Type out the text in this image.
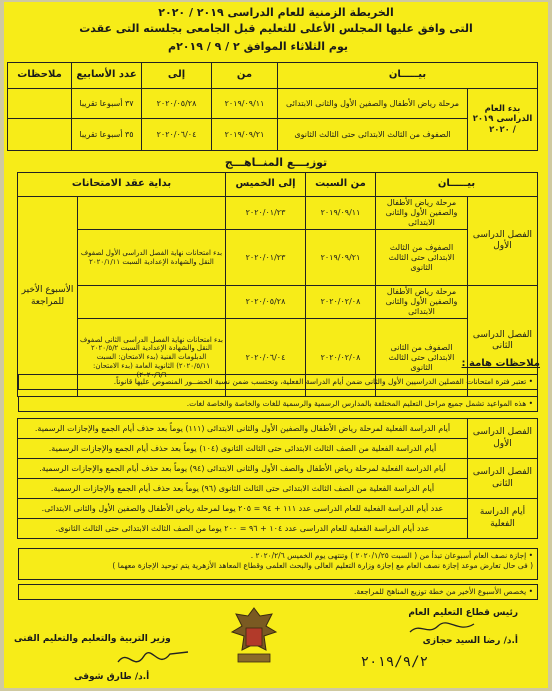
الخريطة الزمنية للعام الدراسى ٢٠١٩ / ٢٠٢٠
التى وافق عليها المجلس الأعلى للتعليم قبل الجامعى بجلسته التى عقدت
يوم الثلاثاء الموافق ٢ / ٩ / ٢٠١٩م
بيـــــان		من	إلى	عدد الأسابيع	ملاحظات
بدء العام الدراسى ٢٠١٩ / ٢٠٢٠	مرحلة رياض الأطفال والصفين الأول والثانى الابتدائى	٢٠١٩/٠٩/١١	٢٠٢٠/٠٥/٢٨	٣٧ أسبوعا تقريبا	
	الصفوف من الثالث الابتدائى حتى الثالث الثانوى	٢٠١٩/٠٩/٢١	٢٠٢٠/٠٦/٠٤	٣٥ أسبوعا تقريبا	
توزيـــع المنــاهـــج
بيـــــان		من السبت	إلى الخميس	بداية عقد الامتحانات	
الفصل الدراسى الأول	مرحلة رياض الأطفال والصفين الأول والثانى الابتدائى	٢٠١٩/٠٩/١١	٢٠٢٠/٠١/٢٣		الأسبوع الأخير للمراجعة
	الصفوف من الثالث الابتدائى حتى الثالث الثانوى	٢٠١٩/٠٩/٢١	٢٠٢٠/٠١/٢٣	بدء امتحانات نهاية الفصل الدراسى الأول لصفوف النقل والشهادة الإعدادية السبت ٢٠٢٠/١/١١	
الفصل الدراسى الثانى	مرحلة رياض الأطفال والصفين الأول والثانى الابتدائى	٢٠٢٠/٠٢/٠٨	٢٠٢٠/٠٥/٢٨		
	الصفوف من الثانى الابتدائى حتى الثالث الثانوى	٢٠٢٠/٠٢/٠٨	٢٠٢٠/٠٦/٠٤	بدء امتحانات نهاية الفصل الدراسى الثانى لصفوف النقل والشهادة الإعدادية السبت ٢٠٢٠/٥/٢ الدبلومات الفنية (بدء الامتحان: السبت ٢٠٢٠/٥/١١) الثانوية العامة (بدء الامتحان: ٢٠٢٠/٦/٦)	
ملاحظات هامة :
• تعتبر فترة امتحانات الفصلين الدراسيين الأول والثانى ضمن أيام الدراسة الفعلية، وتحتسب ضمن نسبة الحضــور المنصوص عليها قانوناً.
• هذه المواعيد تشمل جميع مراحل التعليم المختلفة بالمدارس الرسمية والرسمية للغات والخاصة والخاصة لغات.
الفصل الدراسى الأول	أيام الدراسة الفعلية لمرحلة رياض الأطفال والصفين الأول والثانى الابتدائى (١١١) يوماً بعد حذف أيام الجمع والإجازات الرسمية.
	أيام الدراسة الفعلية من الصف الثالث الابتدائى حتى الثالث الثانوى (١٠٤) يوماً بعد حذف أيام الجمع والإجازات الرسمية.
الفصل الدراسى الثانى	أيام الدراسة الفعلية لمرحلة رياض الأطفال والصف الأول والثانى الابتدائى (٩٤) يوماً بعد حذف أيام الجمع والإجازات الرسمية.
	أيام الدراسة الفعلية من الصف الثالث الابتدائى حتى الثالث الثانوى (٩٦) يوماً بعد حذف أيام الجمع والإجازات الرسمية.
أيام الدراسة الفعلية	عدد أيام الدراسة الفعلية للعام الدراسى عدد ١١١ + ٩٤ = ٢٠٥ يوما لمرحلة رياض الأطفال والصفين الأول والثانى الابتدائى.
	عدد أيام الدراسة الفعلية للعام الدراسى عدد ١٠٤ + ٩٦ = ٢٠٠ يوما من الصف الثالث الابتدائى حتى الثالث الثانوى.
• إجازة نصف العام أسبوعان تبدأ من ( السبت ٢٠٢٠/١/٢٥ ) وتنتهى يوم الخميس ٢٠٢٠/٢/٦ .
( فى حال تعارض موعد إجازة نصف العام مع إجازة وزارة التعليم العالى والبحث العلمى وقطاع المعاهد الأزهرية يتم توحيد الإجازة معهما )
• يخصص الأسبوع الأخير من خطة توزيع المناهج للمراجعة.
رئيس قطاع التعليم العام
أ.د/ رضا السيد حجازى
٢٠١٩/٩/٢
وزير التربية والتعليم والتعليم الفنى
أ.د/ طارق شوقى
